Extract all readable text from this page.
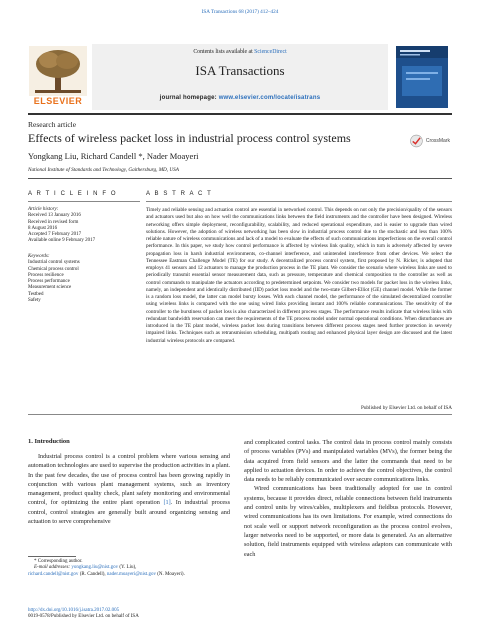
ISA Transactions 68 (2017) 412–424
ELSEVIER
Contents lists available at ScienceDirect
ISA Transactions
journal homepage: www.elsevier.com/locate/isatrans
Research article
Effects of wireless packet loss in industrial process control systems	CrossMark
Yongkang Liu, Richard Candell *, Nader Moayeri
National Institute of Standards and Technology, Gaithersburg, MD, USA
A R T I C L E I N F O	A B S T R A C T
Article history:
Received 13 January 2016
Received in revised form
8 August 2016
Accepted 7 February 2017
Available online 9 February 2017
Keywords:
Industrial control systems
Chemical process control
Process resilience
Process performance
Measurement science
Testbed
Safety
Timely and reliable sensing and actuation control are essential in networked control. This depends on not only the precision/quality of the sensors and actuators used but also on how well the communications links between the field instruments and the controller have been designed. Wireless networking offers simple deployment, reconfigurability, scalability, and reduced operational expenditure, and is easier to upgrade than wired solutions. However, the adoption of wireless networking has been slow in industrial process control due to the stochastic and less than 100% reliable nature of wireless communications and lack of a model to evaluate the effects of such communications imperfections on the overall control performance. In this paper, we study how control performance is affected by wireless link quality, which in turn is adversely affected by severe propagation loss in harsh industrial environments, co-channel interference, and unintended interference from other devices. We select the Tennessee Eastman Challenge Model (TE) for our study. A decentralized process control system, first proposed by N. Ricker, is adopted that employs 41 sensors and 12 actuators to manage the production process in the TE plant. We consider the scenario where wireless links are used to periodically transmit essential sensor measurement data, such as pressure, temperature and chemical composition to the controller as well as control commands to manipulate the actuators according to predetermined setpoints. We consider two models for packet loss in the wireless links, namely, an independent and identically distributed (IID) packet loss model and the two-state Gilbert-Elliot (GE) channel model. While the former is a random loss model, the latter can model bursty losses. With each channel model, the performance of the simulated decentralized controller using wireless links is compared with the one using wired links providing instant and 100% reliable communications. The sensitivity of the controller to the burstiness of packet loss is also characterized in different process stages. The performance results indicate that wireless links with redundant bandwidth reservation can meet the requirements of the TE process model under normal operational conditions. When disturbances are introduced in the TE plant model, wireless packet loss during transitions between different process stages need further protection in severely impaired links. Techniques such as retransmission scheduling, multipath routing and enhanced physical layer design are discussed and the latest industrial wireless protocols are compared.
Published by Elsevier Ltd. on behalf of ISA
1. Introduction
Industrial process control is a control problem where various sensing and automation technologies are used to supervise the production activities in a plant. In the past few decades, the use of process control has been growing rapidly in conjunction with various plant management systems, such as inventory management, product quality check, plant safety monitoring and environmental control, for optimizing the entire plant operation [1]. In industrial process control, control strategies are generally built around organizing sensing and actuation to serve comprehensive

and complicated control tasks. The control data in process control mainly consists of process variables (PVs) and manipulated variables (MVs), the former being the data acquired from field sensors and the latter the commands that need to be applied to actuation devices. In order to achieve the control objectives, the control data needs to be reliably communicated over secure communications links.

Wired communications has been traditionally adopted for use in control systems, because it provides direct, reliable connections between field instruments and control units by wires/cables, multiplexers and fieldbus protocols. However, wired communications has its own limitations. For example, wired connections do not scale well or support network reconfiguration as the process control evolves, larger networks need to be supported, or more data is generated. As an alternative solution, field instruments equipped with wireless adaptors can communicate with each

* Corresponding author.
E-mail addresses: yongkang.liu@nist.gov (Y. Liu),
richard.candell@nist.gov (R. Candell), nader.moayeri@nist.gov (N. Moayeri).
http://dx.doi.org/10.1016/j.isatra.2017.02.005
0019-0578/Published by Elsevier Ltd. on behalf of ISA
